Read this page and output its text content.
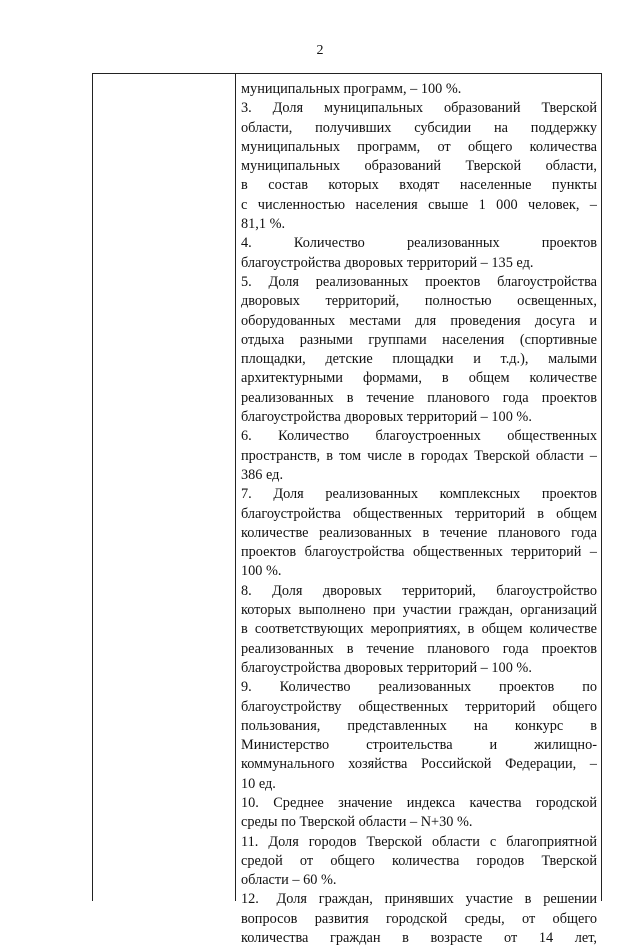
2
муниципальных программ, – 100 %.
3.   Доля   муниципальных   образований   Тверской
области,    получивших    субсидии    на    поддержку
муниципальных   программ,   от   общего   количества
муниципальных    образований    Тверской    области,
в    состав    которых    входят    населенные    пункты
с численностью населения свыше 1 000 человек, –
81,1 %.
4.        Количество        реализованных        проектов
благоустройства дворовых территорий – 135 ед.
5.  Доля  реализованных  проектов  благоустройства
дворовых    территорий,    полностью    освещенных,
оборудованных местами для проведения досуга и
отдыха разными группами населения (спортивные
площадки,   детские   площадки   и   т.д.),   малыми
архитектурными   формами,   в   общем   количестве
реализованных в течение планового года проектов
благоустройства дворовых территорий – 100 %.
6.    Количество    благоустроенных    общественных
пространств, в том числе в городах Тверской области –
386 ед.
7.   Доля   реализованных   комплексных   проектов
благоустройства общественных территорий в общем
количестве реализованных в течение планового года
проектов благоустройства общественных территорий –
100 %.
8.   Доля   дворовых   территорий,   благоустройство
которых выполнено при участии граждан, организаций
в соответствующих мероприятиях, в общем количестве
реализованных в течение планового года проектов
благоустройства дворовых территорий – 100 %.
9.     Количество     реализованных     проектов     по
благоустройству  общественных  территорий  общего
пользования,    представленных    на    конкурс    в
Министерство     строительства     и     жилищно-
коммунального хозяйства Российской Федерации, –
10 ед.
10.  Среднее  значение  индекса  качества  городской
среды по Тверской области – N+30 %.
11. Доля городов Тверской области с благоприятной
средой  от  общего  количества  городов  Тверской
области – 60 %.
12.   Доля  граждан,  принявших  участие  в  решении
вопросов  развития  городской  среды,  от  общего
количества     граждан     в     возрасте     от     14     лет,
